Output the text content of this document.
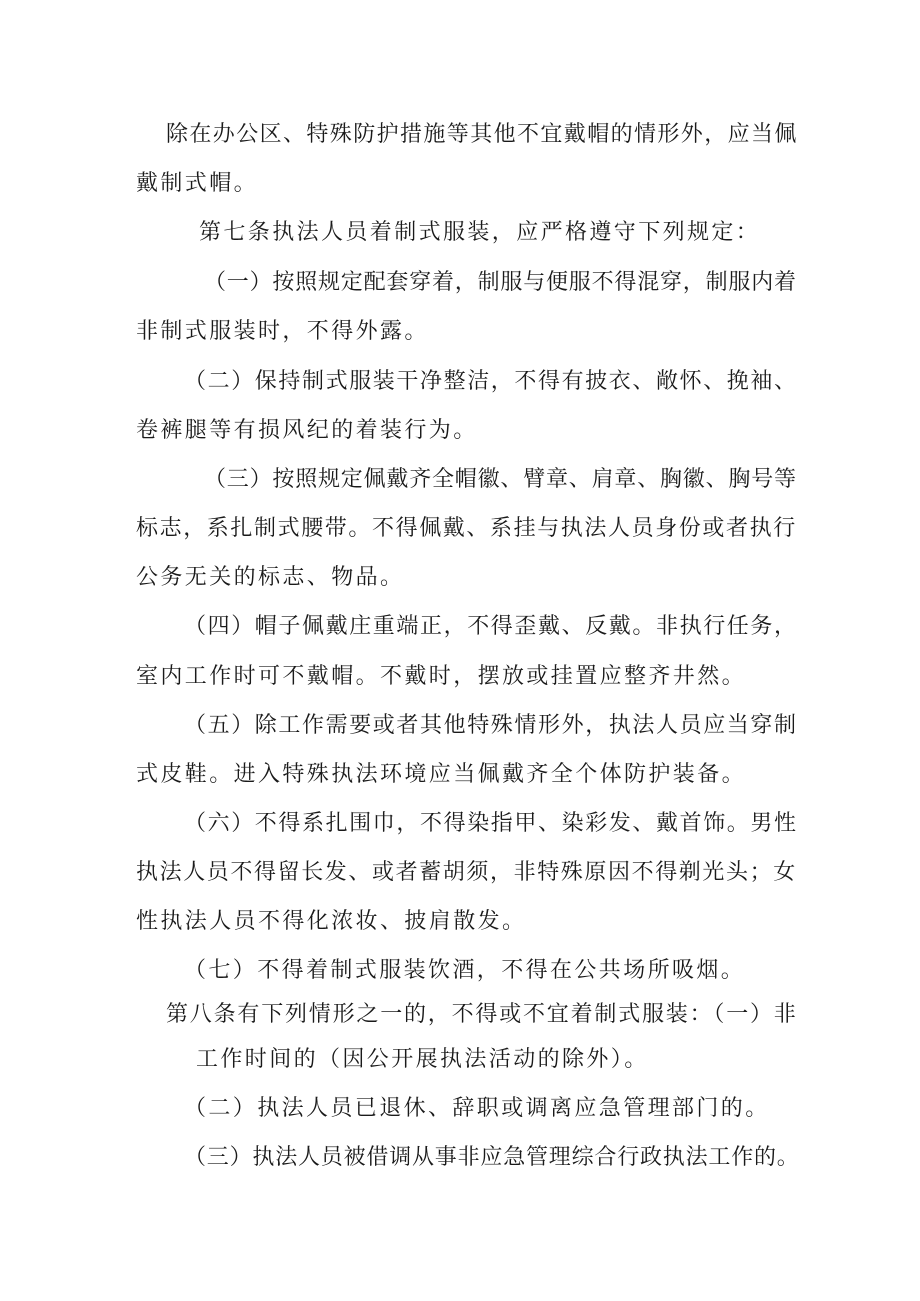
除在办公区、特殊防护措施等其他不宜戴帽的情形外，应当佩
戴制式帽。
第七条执法人员着制式服装，应严格遵守下列规定：
（一）按照规定配套穿着，制服与便服不得混穿，制服内着
非制式服装时，不得外露。
（二）保持制式服装干净整洁，不得有披衣、敞怀、挽袖、
卷裤腿等有损风纪的着装行为。
（三）按照规定佩戴齐全帽徽、臂章、肩章、胸徽、胸号等
标志，系扎制式腰带。不得佩戴、系挂与执法人员身份或者执行
公务无关的标志、物品。
（四）帽子佩戴庄重端正，不得歪戴、反戴。非执行任务，
室内工作时可不戴帽。不戴时，摆放或挂置应整齐井然。
（五）除工作需要或者其他特殊情形外，执法人员应当穿制
式皮鞋。进入特殊执法环境应当佩戴齐全个体防护装备。
（六）不得系扎围巾，不得染指甲、染彩发、戴首饰。男性
执法人员不得留长发、或者蓄胡须，非特殊原因不得剃光头；女
性执法人员不得化浓妆、披肩散发。
（七）不得着制式服装饮酒，不得在公共场所吸烟。
第八条有下列情形之一的，不得或不宜着制式服装：（一）非
工作时间的（因公开展执法活动的除外）。
（二）执法人员已退休、辞职或调离应急管理部门的。
（三）执法人员被借调从事非应急管理综合行政执法工作的。
